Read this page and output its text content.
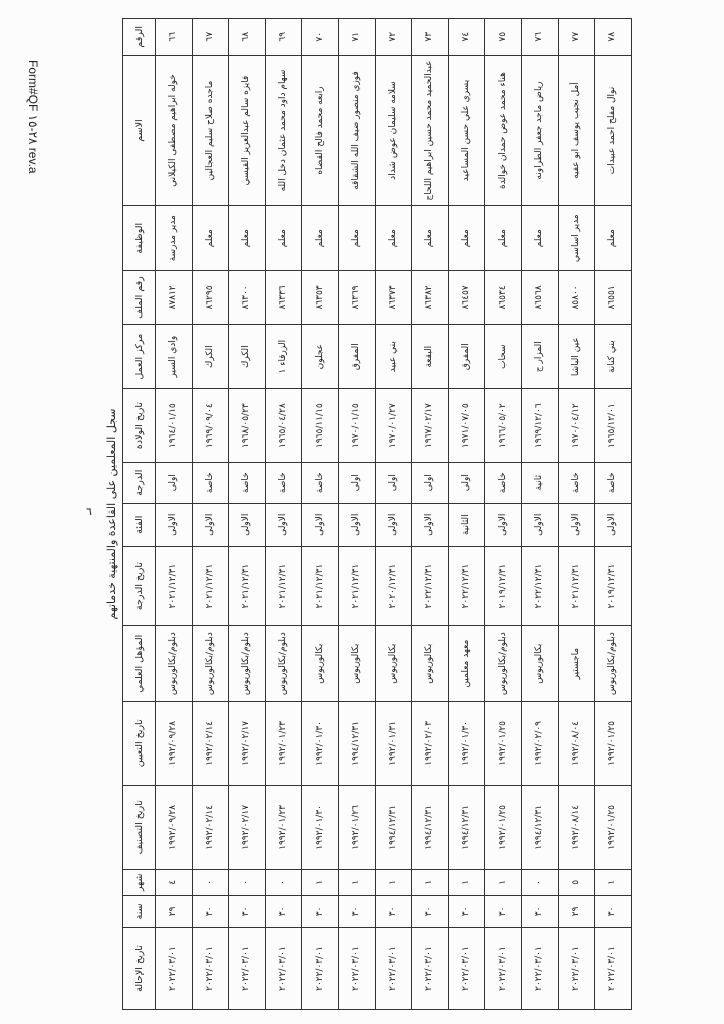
Form#QF ٢٨-١٥ rev.a
٦ سجل المعلمين على القاعدة والمنتهية خدماتهم
الرقم	الاسم	الوظيفة	رقم الملف	مركز العمل	تاريخ الولادة	الدرجة	الفئة	تاريخ الدرجة	المؤهل العلمي	تاريخ التعيين	تاريخ التصنيف	شهر	سنة	تاريخ الإحالة
٦٦	خوله ابراهيم مصطفى الكيلاني	مدير مدرسة	٨٧٨١٢	وادي السير	١٩٦٤/٠١/١٥	اولى	الاولى	٢٠٢١/١٢/٣١	دبلوم/بكالوريوس	١٩٩٢/٠٩/٢٨	١٩٩٢/٠٩/٢٨	٤	٢٩	٢٠٢٢/٠٣/٠١
٦٧	ماجده صلاح سليم العجالين	معلم	٨٦٢٩٥	الكرك	١٩٦٩/٠٩/٠٤	خاصة	الاولى	٢٠٢١/١٢/٣١	دبلوم/بكالوريوس	١٩٩٢/٠٢/١٤	١٩٩٢/٠٢/١٤	٠	٣٠	٢٠٢٢/٠٣/٠١
٦٨	فايزه سالم عبدالعزيز القيسي	معلم	٨٦٣٠٠	الكرك	١٩٦٨/٠٥/٢٣	خاصة	الاولى	٢٠٢١/١٢/٣١	دبلوم/بكالوريوس	١٩٩٢/٠٢/١٧	١٩٩٢/٠٢/١٧	٠	٣٠	٢٠٢٢/٠٣/٠١
٦٩	سهام داود محمد عثمان دخل الله	معلم	٨٦٣٣٦	الزرقاء ١	١٩٦٥/٠٤/٢٨	خاصة	الاولى	٢٠٢١/١٢/٣١	دبلوم/بكالوريوس	١٩٩٢/٠١/٢٣	١٩٩٢/٠١/٢٣	٠	٣٠	٢٠٢٢/٠٣/٠١
٧٠	رابعه محمد فالح القضاه	معلم	٨٦٣٥٣	عجلون	١٩٦٥/١١/١٥	خاصة	الاولى	٢٠٢١/١٢/٣١	بكالوريوس	١٩٩٢/٠١/٣٠	١٩٩٢/٠١/٣٠	١	٣٠	٢٠٢٢/٠٣/٠١
٧١	فوزي منصور ضيف الله الشقاقه	معلم	٨٦٣٦٩	المفرق	١٩٧٠/٠١/١٥	اولى	الاولى	٢٠٢١/١٢/٣١	بكالوريوس	١٩٩٤/١٢/٣١	١٩٩٢/٠١/٢٦	١	٣٠	٢٠٢٢/٠٣/٠١
٧٢	سلامه سليمان عوض شداد	معلم	٨٦٣٧٣	بني عبيد	١٩٧٠/٠١/٢٧	اولى	الاولى	٢٠٢٠/١٢/٣١	بكالوريوس	١٩٩٢/٠١/٣١	١٩٩٤/١٢/٣١	١	٣٠	٢٠٢٢/٠٣/٠١
٧٣	عبدالحميد محمد حسين ابراهيم اللحاج	معلم	٨٦٣٨٢	البقعة	١٩٦٧/٠٢/١٧	اولى	الاولى	٢٠٢٢/١٢/٣١	بكالوريوس	١٩٩٢/٠٢/٠٣	١٩٩٤/١٢/٣١	١	٣٠	٢٠٢٢/٠٣/٠١
٧٤	يسري علي حسن المساعيد	معلم	٨٦٤٥٧	المفرق	١٩٧١/٠٧/٠٥	اولى	الثانية	٢٠٢٢/١٢/٣١	معهد معلمين	١٩٩٢/٠١/٣٠	١٩٩٤/١٢/٣١	١	٣٠	٢٠٢٢/٠٣/٠١
٧٥	هناء محمد عوض حمدان خوالدة	معلم	٨٦٥٣٤	سحاب	١٩٦٦/٠٥/٠٢	خاصة	الاولى	٢٠١٩/١٢/٣١	دبلوم/بكالوريوس	١٩٩٢/٠١/٢٥	١٩٩٢/٠١/٢٥	١	٣٠	٢٠٢٢/٠٣/٠١
٧٦	رياض ماجد جعفر الطراونه	معلم	٨٦٥٦٨	المزار ج	١٩٦٩/١٢/٠٦	ثانية	الاولى	٢٠٢٢/١٢/٣١	بكالوريوس	١٩٩٢/٠٢/٠٩	١٩٩٤/١٢/٣١	٠	٣٠	٢٠٢٢/٠٣/٠١
٧٧	أمل نجيب يوسف ابو عفيه	مدير اساسي	٨٥٨٠٠	عين الباشا	١٩٧٠/٠٤/١٢	خاصة	الاولى	٢٠٢١/١٢/٣١	ماجستير	١٩٩٢/٠٨/٠٤	١٩٩٢/٠٨/١٤	٥	٢٩	٢٠٢٢/٠٣/٠١
٧٨	نوال مفلح احمد عبيدات	معلم	٨٦٥٥١	بني كنانة	١٩٦٥/١٢/٠١	خاصة	الاولى	٢٠١٩/١٢/٣١	دبلوم/بكالوريوس	١٩٩٢/٠١/٢٥	١٩٩٢/٠١/٢٥	١	٣٠	٢٠٢٢/٠٣/٠١
